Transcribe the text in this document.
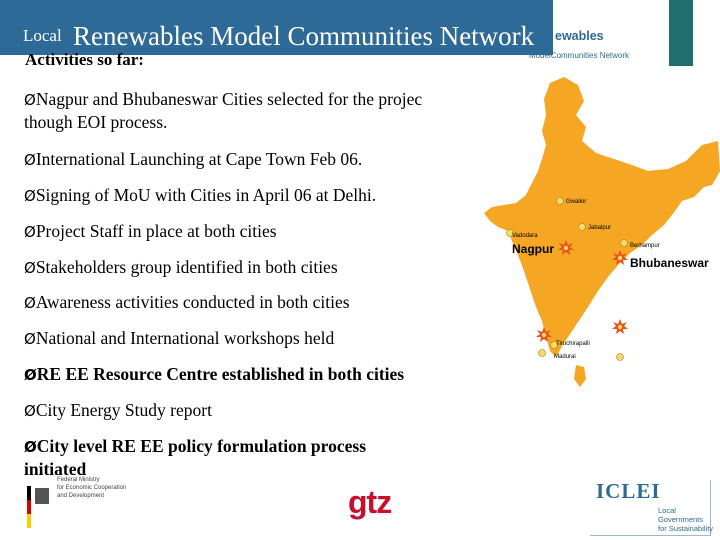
Local Renewables Model Communities Network ewables
ModelCommunities Network
Activities so far:
ØNagpur and Bhubaneswar Cities selected for the projec
though EOI process.
ØInternational Launching at Cape Town Feb 06.
ØSigning of MoU with Cities in April 06 at Delhi.
ØProject Staff in place at both cities
ØStakeholders group identified in both cities
ØAwareness activities conducted in both cities
ØNational and International workshops held
ØRE EE Resource Centre established in both cities
ØCity Energy Study report
ØCity level RE EE policy formulation process
initiated
Gwalior
Jabalpur
Vadodara
Nagpur	Berhampur
Bhubaneswar
Tiruchirapalli
Madurai
Federal Ministry
for Economic Cooperation
and Development	gtz	ICLEI
Local
Governments
for Sustainability
